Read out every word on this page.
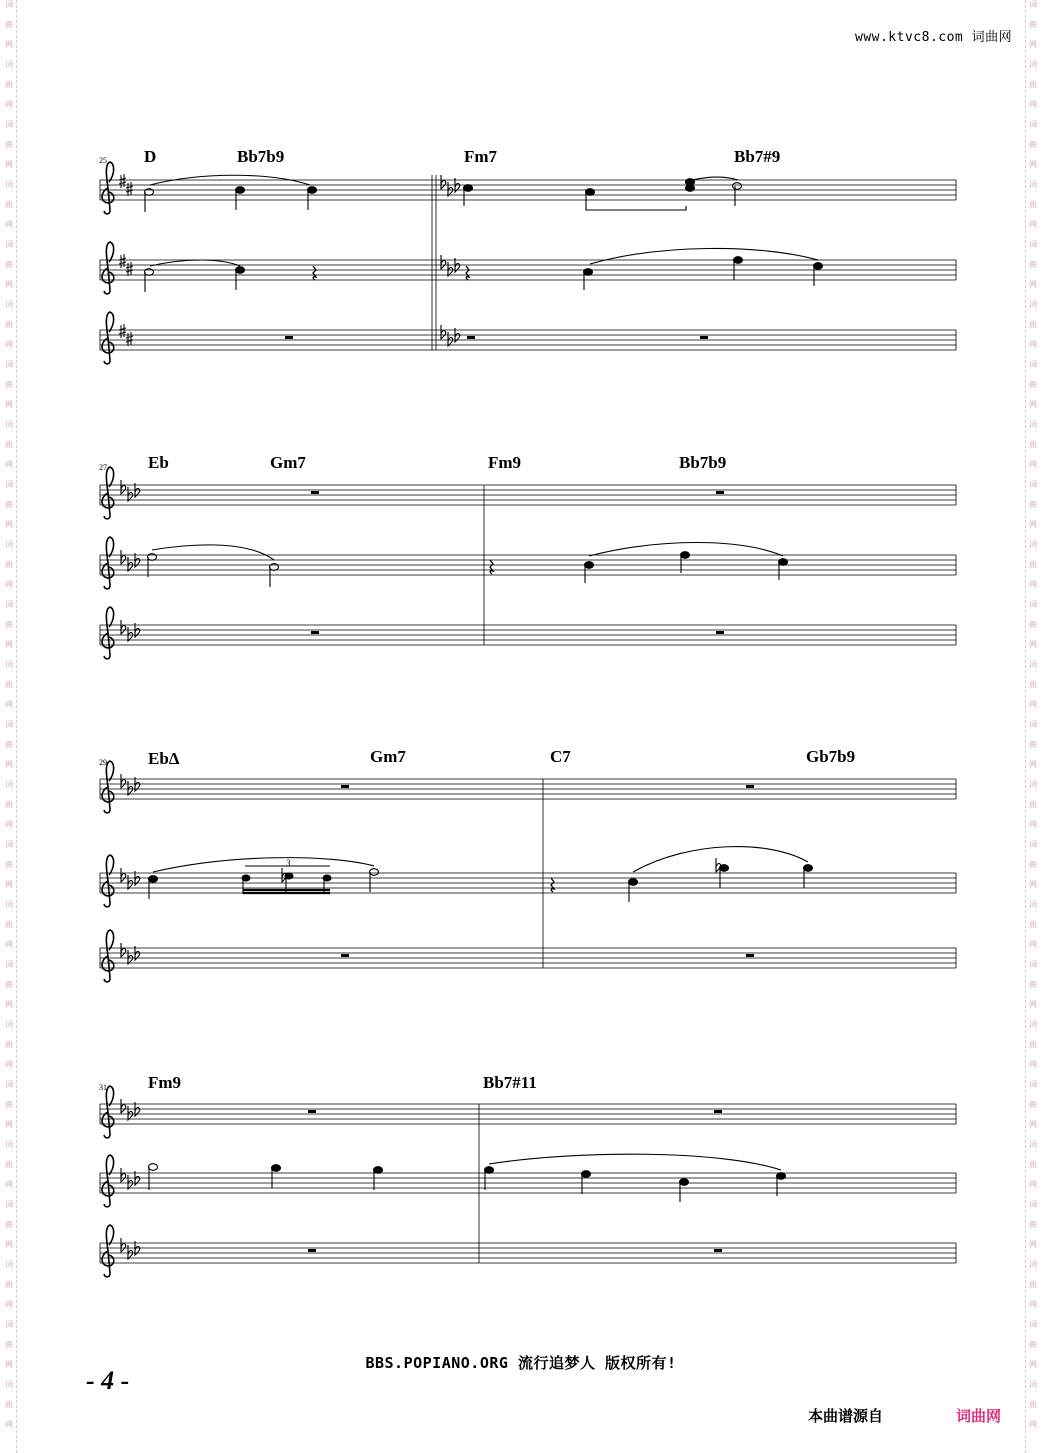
词
曲
网
词
曲
网
词
曲
网
词
曲
网
词
曲
网
词
曲
网
词
曲
网
词
曲
网
词
曲
网
词
曲
网
词
曲
网
词
曲
网
词
曲
网
词
曲
网
词
曲
网
词
曲
网
词
曲
网
词
曲
网
词
曲
网
词
曲
网
词
曲
网
词
曲
网
词
曲
网
词
曲
网
词
曲
网
词
曲
网
词
曲
网
词
曲
网
词
曲
网
词
曲
网
词
曲
网
词
曲
网
词
曲
网
词
曲
网
词
曲
网
词
曲
网
词
曲
网
词
曲
网
词
曲
网
词
曲
网
词
曲
网
词
曲
网
词
曲
网
词
曲
网
词
曲
网
词
曲
网
词
曲
网
词
曲
网
www.ktvc8.com 词曲网
25 D	Bb7b9	Fm7	Bb7#9
27 Eb	Gm7	Fm9	Bb7b9
29 EbΔ	Gm7	C7	Gb7b9
3
31 Fm9	Bb7#11
BBS.POPIANO.ORG 流行追梦人 版权所有!
- 4 -
本曲谱源自	词曲网
